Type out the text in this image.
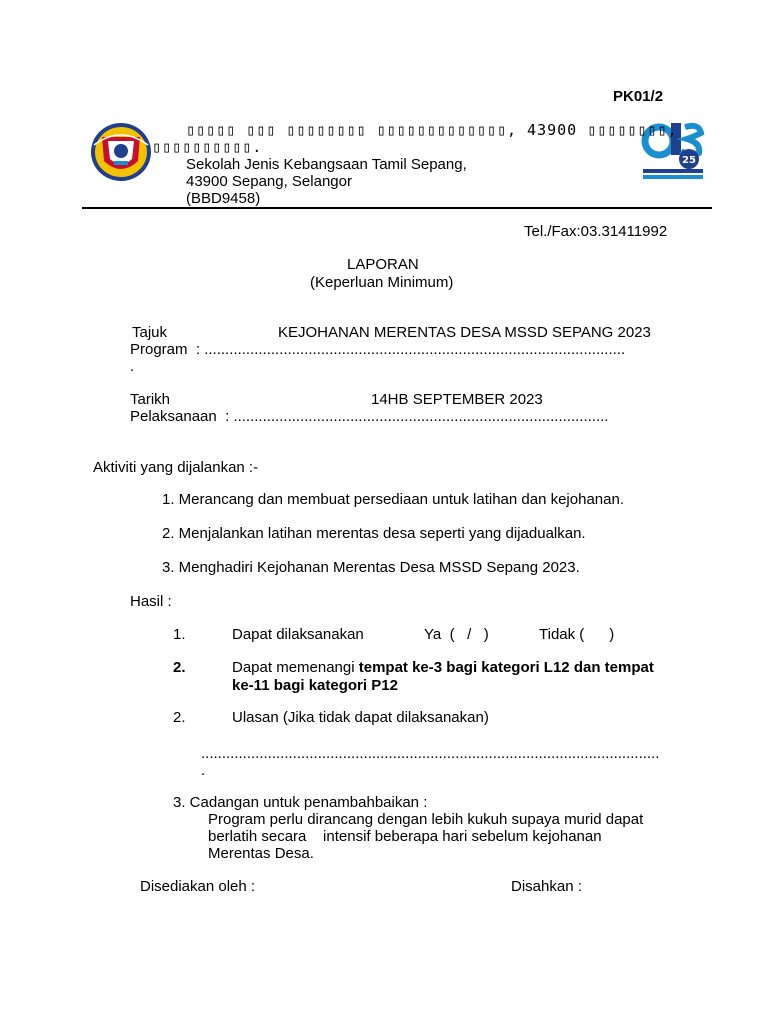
PK01/2
25
▯▯▯▯▯ ▯▯▯ ▯▯▯▯▯▯▯▯ ▯▯▯▯▯▯▯▯▯▯▯▯▯, 43900 ▯▯▯▯▯▯▯▯,
▯▯▯▯▯▯▯▯▯▯.
Sekolah Jenis Kebangsaan Tamil Sepang,
43900 Sepang, Selangor
(BBD9458)
Tel./Fax:03.31411992
LAPORAN
(Keperluan Minimum)
Tajuk	KEJOHANAN MERENTAS DESA MSSD SEPANG 2023
Program  : .....................................................................................................
.
Tarikh	14HB SEPTEMBER 2023
Pelaksanaan  : ..........................................................................................
Aktiviti yang dijalankan :-
1. Merancang dan membuat persediaan untuk latihan dan kejohanan.
2. Menjalankan latihan merentas desa seperti yang dijadualkan.
3. Menghadiri Kejohanan Merentas Desa MSSD Sepang 2023.
Hasil :
1.	Dapat dilaksanakan	Ya  (   /   )	Tidak (      )
2.	Dapat memenangi tempat ke-3 bagi kategori L12 dan tempat
ke-11 bagi kategori P12
2.	Ulasan (Jika tidak dapat dilaksanakan)
..............................................................................................................
.
3. Cadangan untuk penambahbaikan :
Program perlu dirancang dengan lebih kukuh supaya murid dapat
berlatih secara    intensif beberapa hari sebelum kejohanan
Merentas Desa.
Disediakan oleh :	Disahkan :
